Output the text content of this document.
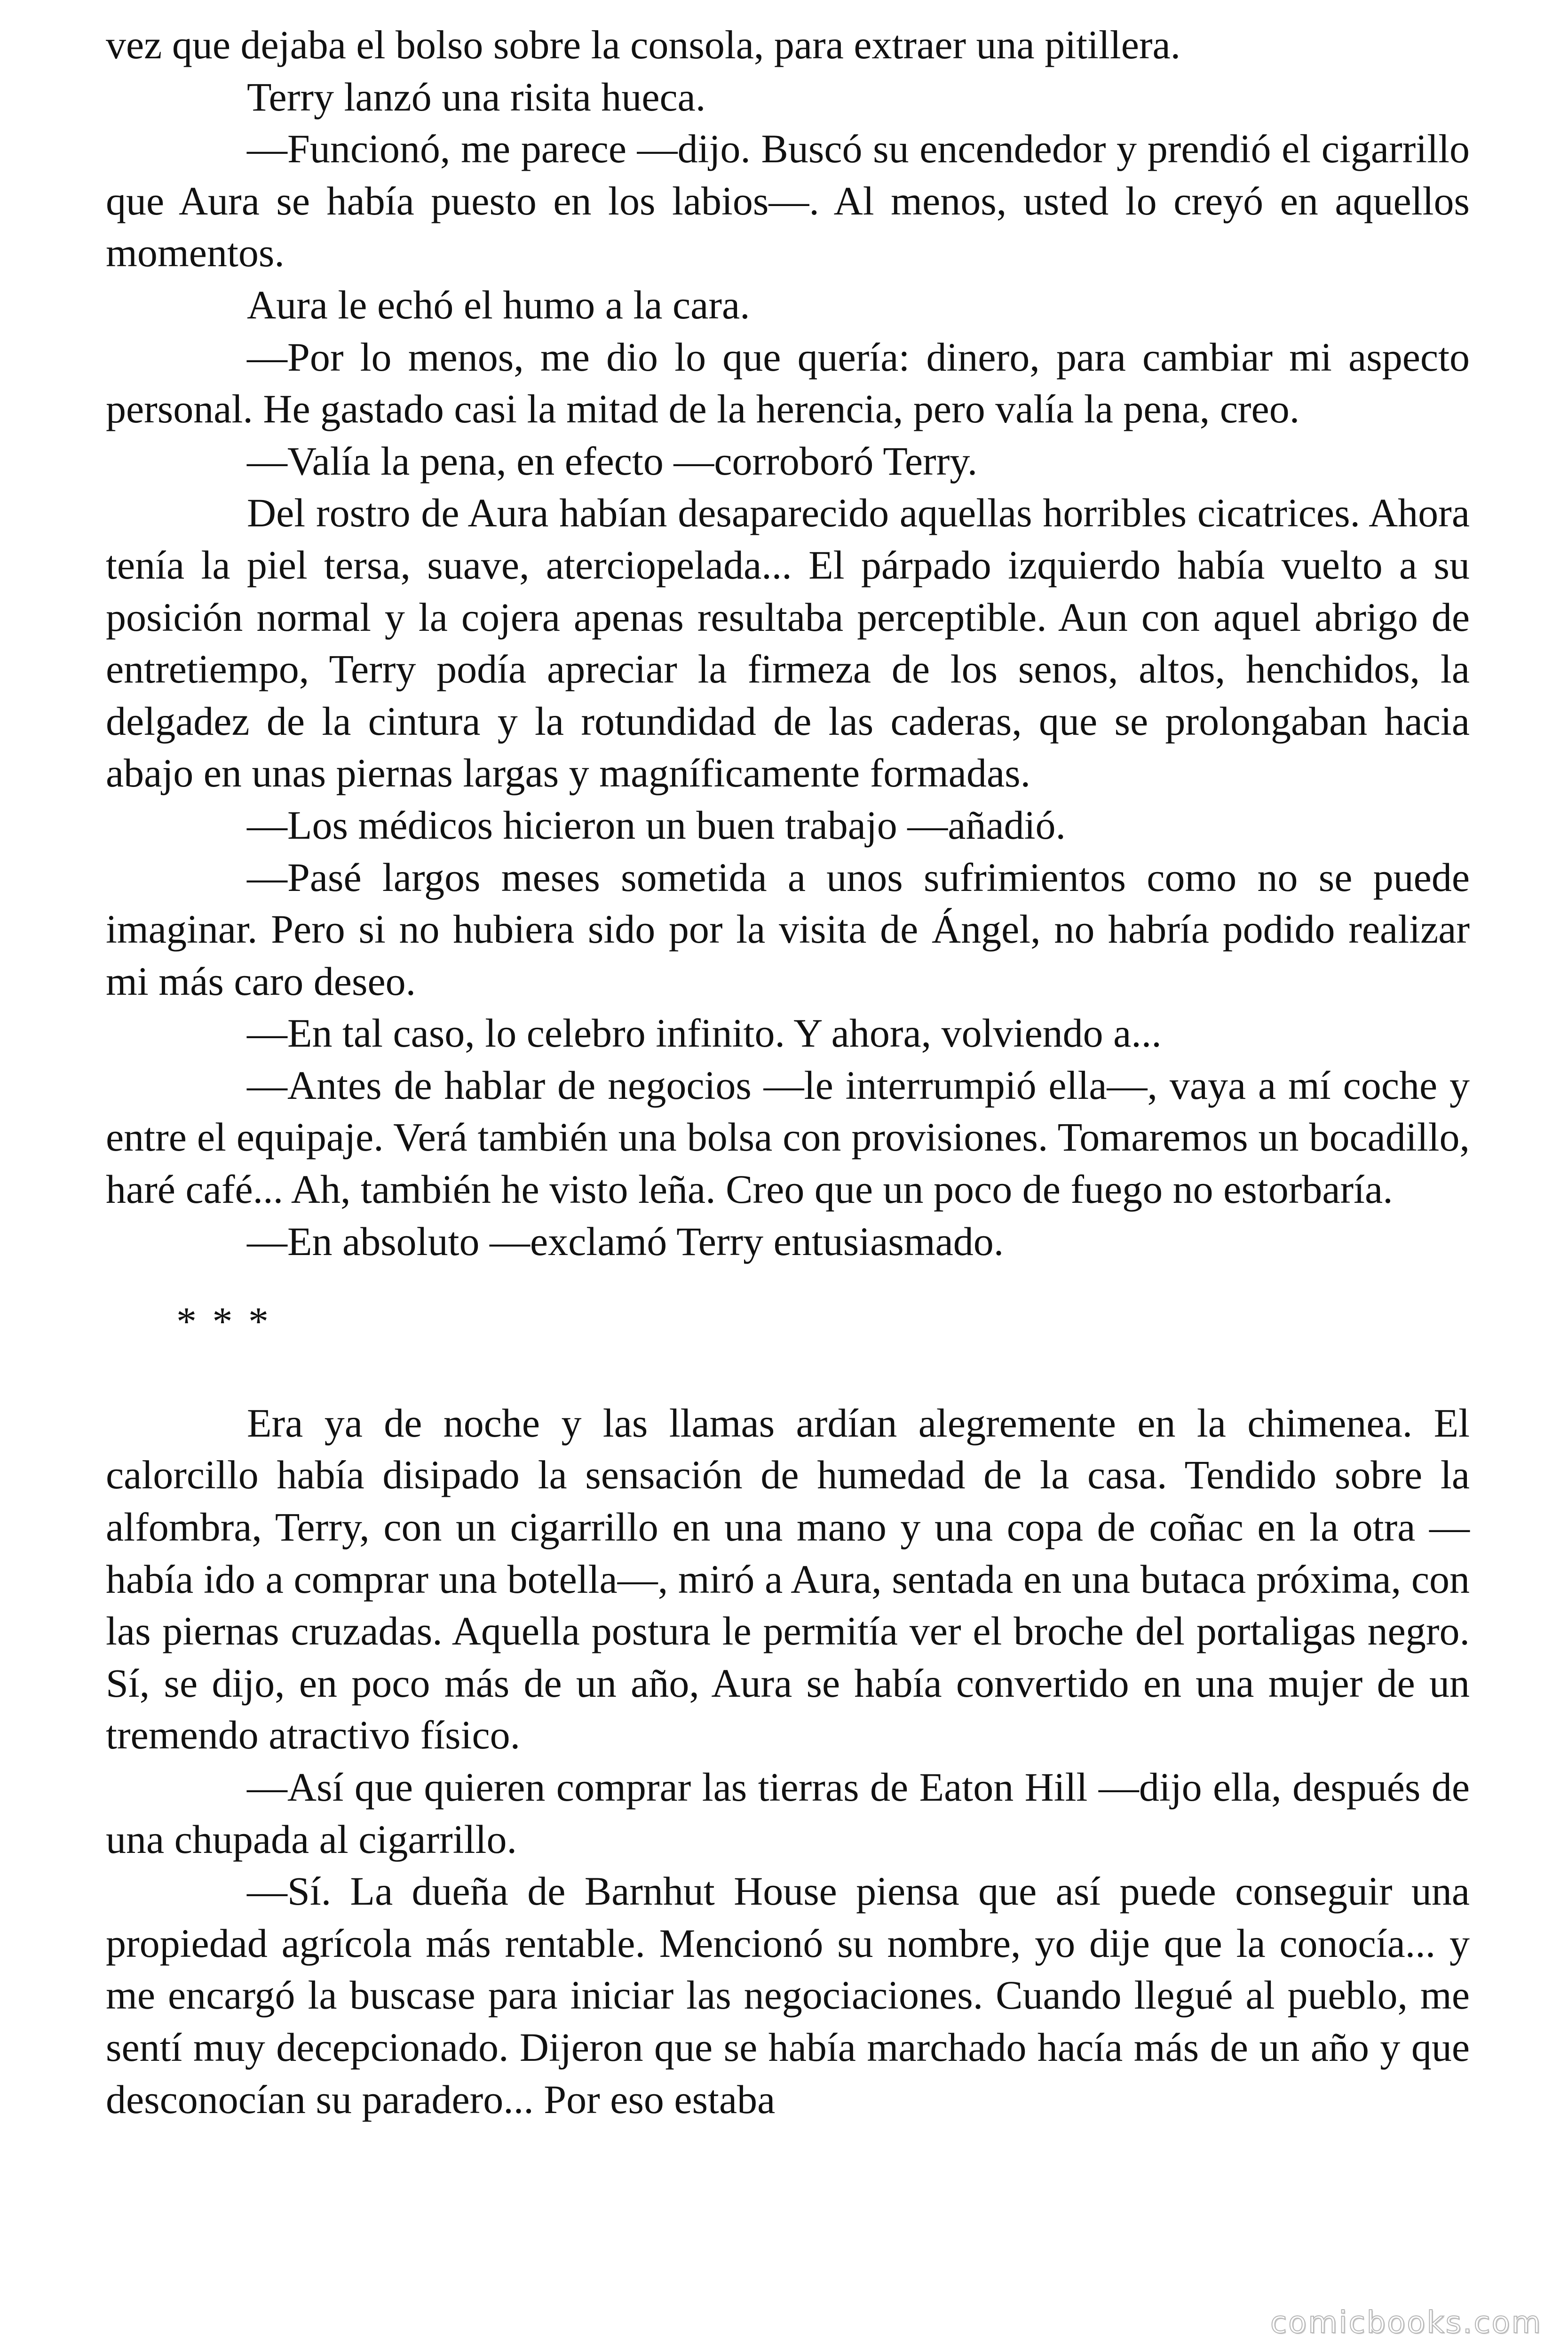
vez que dejaba el bolso sobre la consola, para extraer una pitillera.

Terry lanzó una risita hueca.

—Funcionó, me parece —dijo. Buscó su encendedor y prendió el cigarrillo que Aura se había puesto en los labios—. Al menos, usted lo creyó en aquellos momentos.

Aura le echó el humo a la cara.

—Por lo menos, me dio lo que quería: dinero, para cambiar mi aspecto personal. He gastado casi la mitad de la herencia, pero valía la pena, creo.

—Valía la pena, en efecto —corroboró Terry.

Del rostro de Aura habían desaparecido aquellas horribles cicatrices. Ahora tenía la piel tersa, suave, aterciopelada... El párpado izquierdo había vuelto a su posición normal y la cojera apenas resultaba perceptible. Aun con aquel abrigo de entretiempo, Terry podía apreciar la firmeza de los senos, altos, henchidos, la delgadez de la cintura y la rotundidad de las caderas, que se prolongaban hacia abajo en unas piernas largas y magníficamente formadas.

—Los médicos hicieron un buen trabajo —añadió.

—Pasé largos meses sometida a unos sufrimientos como no se puede imaginar. Pero si no hubiera sido por la visita de Ángel, no habría podido realizar mi más caro deseo.

—En tal caso, lo celebro infinito. Y ahora, volviendo a...

—Antes de hablar de negocios —le interrumpió ella—, vaya a mí coche y entre el equipaje. Verá también una bolsa con provisiones. Tomaremos un bocadillo, haré café... Ah, también he visto leña. Creo que un poco de fuego no estorbaría.

—En absoluto —exclamó Terry entusiasmado.

* * *

Era ya de noche y las llamas ardían alegremente en la chimenea. El calorcillo había disipado la sensación de humedad de la casa. Tendido sobre la alfombra, Terry, con un cigarrillo en una mano y una copa de coñac en la otra —había ido a comprar una botella—, miró a Aura, sentada en una butaca próxima, con las piernas cruzadas. Aquella postura le permitía ver el broche del portaligas negro. Sí, se dijo, en poco más de un año, Aura se había convertido en una mujer de un tremendo atractivo físico.

—Así que quieren comprar las tierras de Eaton Hill —dijo ella, después de una chupada al cigarrillo.

—Sí. La dueña de Barnhut House piensa que así puede conseguir una propiedad agrícola más rentable. Mencionó su nombre, yo dije que la conocía... y me encargó la buscase para iniciar las negociaciones. Cuando llegué al pueblo, me sentí muy decepcionado. Dijeron que se había marchado hacía más de un año y que desconocían su paradero... Por eso estaba

comicbooks.com
